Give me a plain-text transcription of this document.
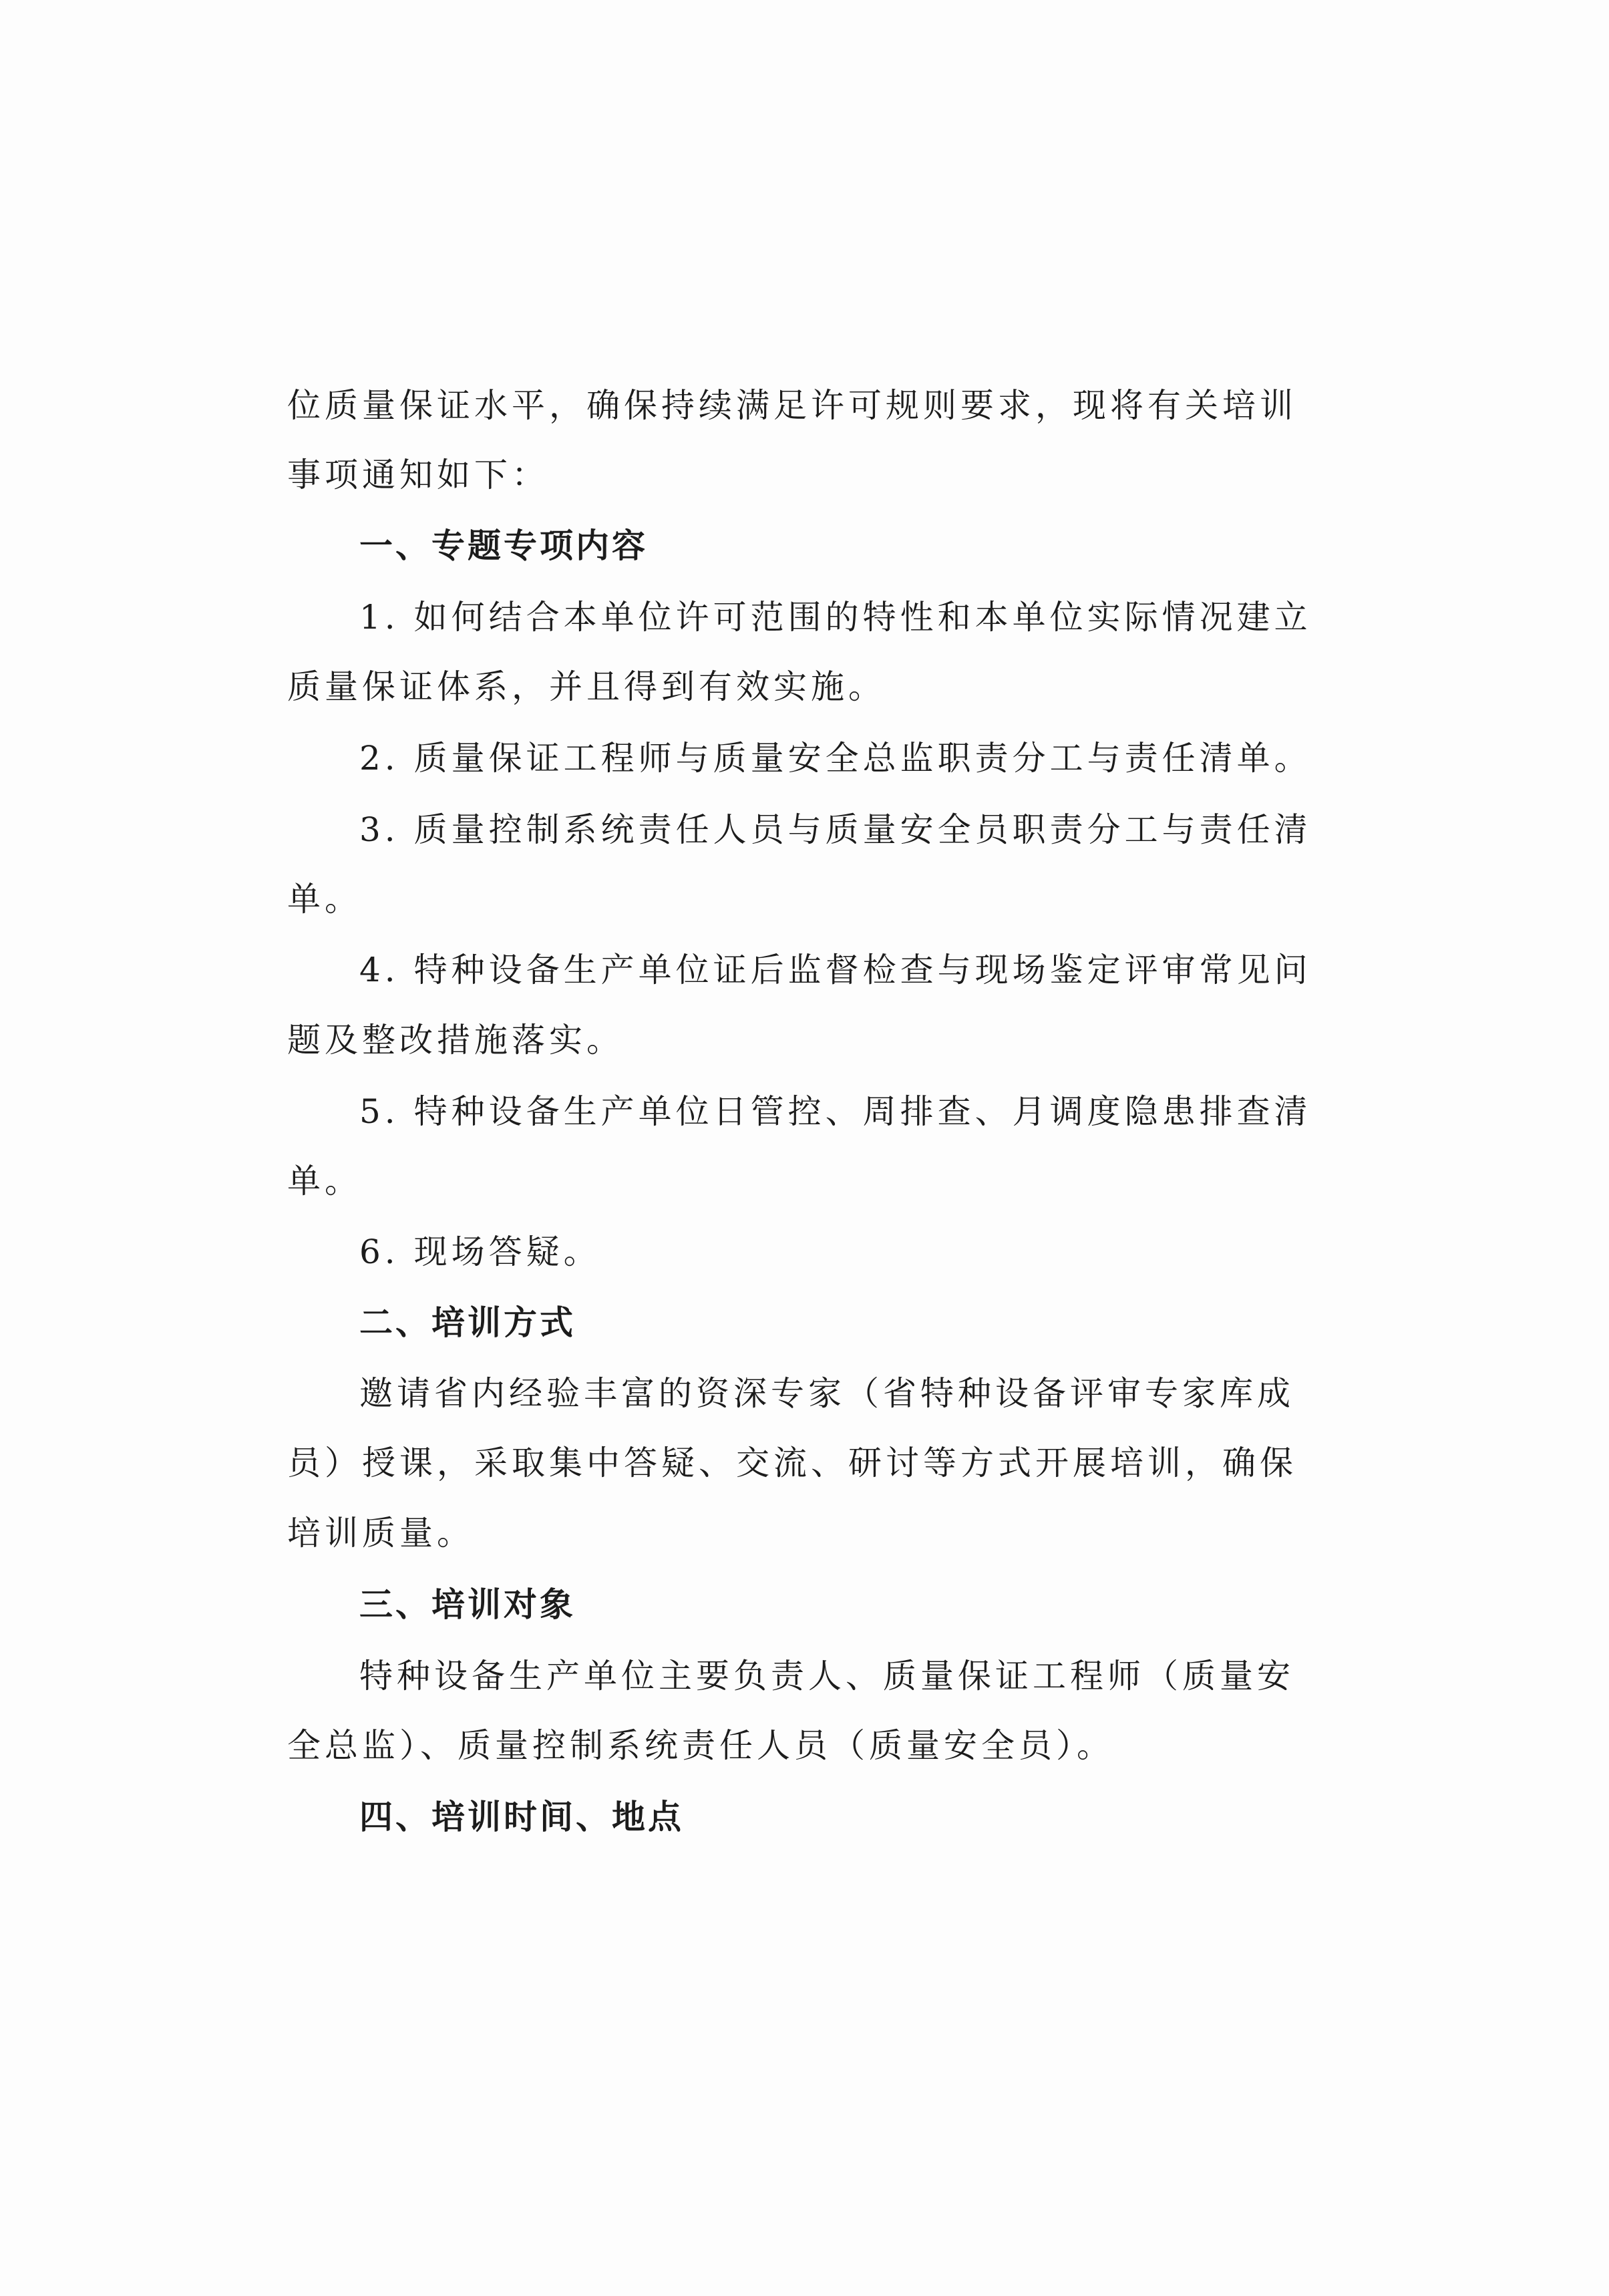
位质量保证水平，确保持续满足许可规则要求，现将有关培训
事项通知如下：
一、专题专项内容
1. 如何结合本单位许可范围的特性和本单位实际情况建立
质量保证体系，并且得到有效实施。
2. 质量保证工程师与质量安全总监职责分工与责任清单。
3. 质量控制系统责任人员与质量安全员职责分工与责任清
单。
4. 特种设备生产单位证后监督检查与现场鉴定评审常见问
题及整改措施落实。
5. 特种设备生产单位日管控、周排查、月调度隐患排查清
单。
6. 现场答疑。
二、培训方式
邀请省内经验丰富的资深专家（省特种设备评审专家库成
员）授课，采取集中答疑、交流、研讨等方式开展培训，确保
培训质量。
三、培训对象
特种设备生产单位主要负责人、质量保证工程师（质量安
全总监）、质量控制系统责任人员（质量安全员）。
四、培训时间、地点
